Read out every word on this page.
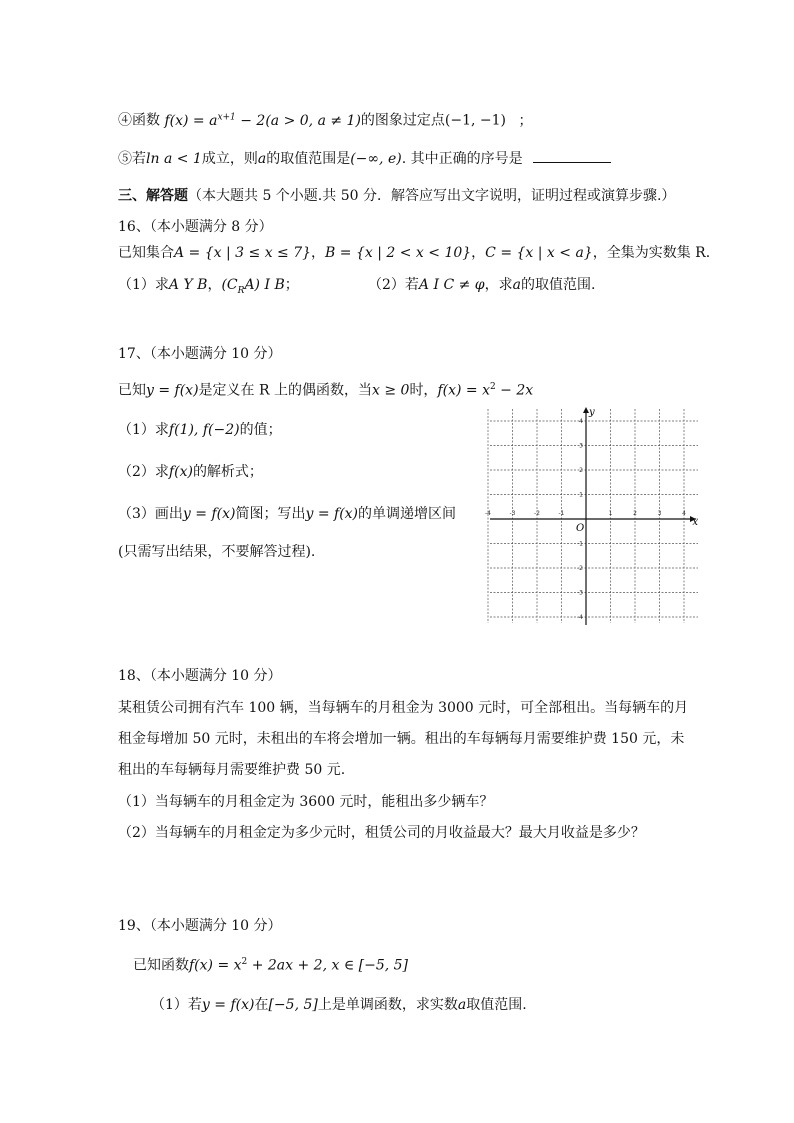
④函数 $f(x) = a^{x+1} - 2(a > 0$, a ≠ 1)的图象过定点(−1, −1) ；
⑤若ln a < 1成立，则a的取值范围是(−∞, e). 其中正确的序号是
三、解答题（本大题共 5 个小题.共 50 分．解答应写出文字说明，证明过程或演算步骤.）
16、（本小题满分 8 分）
已知集合A = {x | 3 ≤ x ≤ 7}，B = {x | 2 < x < 10}，C = {x | x < a}，全集为实数集 R.
（1）求A Y B，$(C_RA)$ I B；	（2）若A I C ≠ φ，求a的取值范围.
17、（本小题满分 10 分）
已知y = f(x)是定义在 R 上的偶函数，当x ≥ 0时，$f(x) = x^2 - 2x$
（1）求f(1), f(−2)的值；
（2）求f(x)的解析式；
（3）画出y = f(x)简图；写出y = f(x)的单调递增区间
(只需写出结果，不要解答过程).
x
y
O
-4	-3	-2	-1	1	2	3	4
4
3
2
1
-1
-2
-3
-4
18、（本小题满分 10 分）
某租赁公司拥有汽车 100 辆，当每辆车的月租金为 3000 元时，可全部租出。当每辆车的月
租金每增加 50 元时，未租出的车将会增加一辆。租出的车每辆每月需要维护费 150 元，未
租出的车每辆每月需要维护费 50 元.
（1）当每辆车的月租金定为 3600 元时，能租出多少辆车？
（2）当每辆车的月租金定为多少元时，租赁公司的月收益最大？最大月收益是多少？
19、（本小题满分 10 分）
已知函数$f(x) = x^2 + 2ax + 2$, x ∈ [−5, 5]
（1）若y = f(x)在[−5, 5]上是单调函数，求实数a取值范围.
